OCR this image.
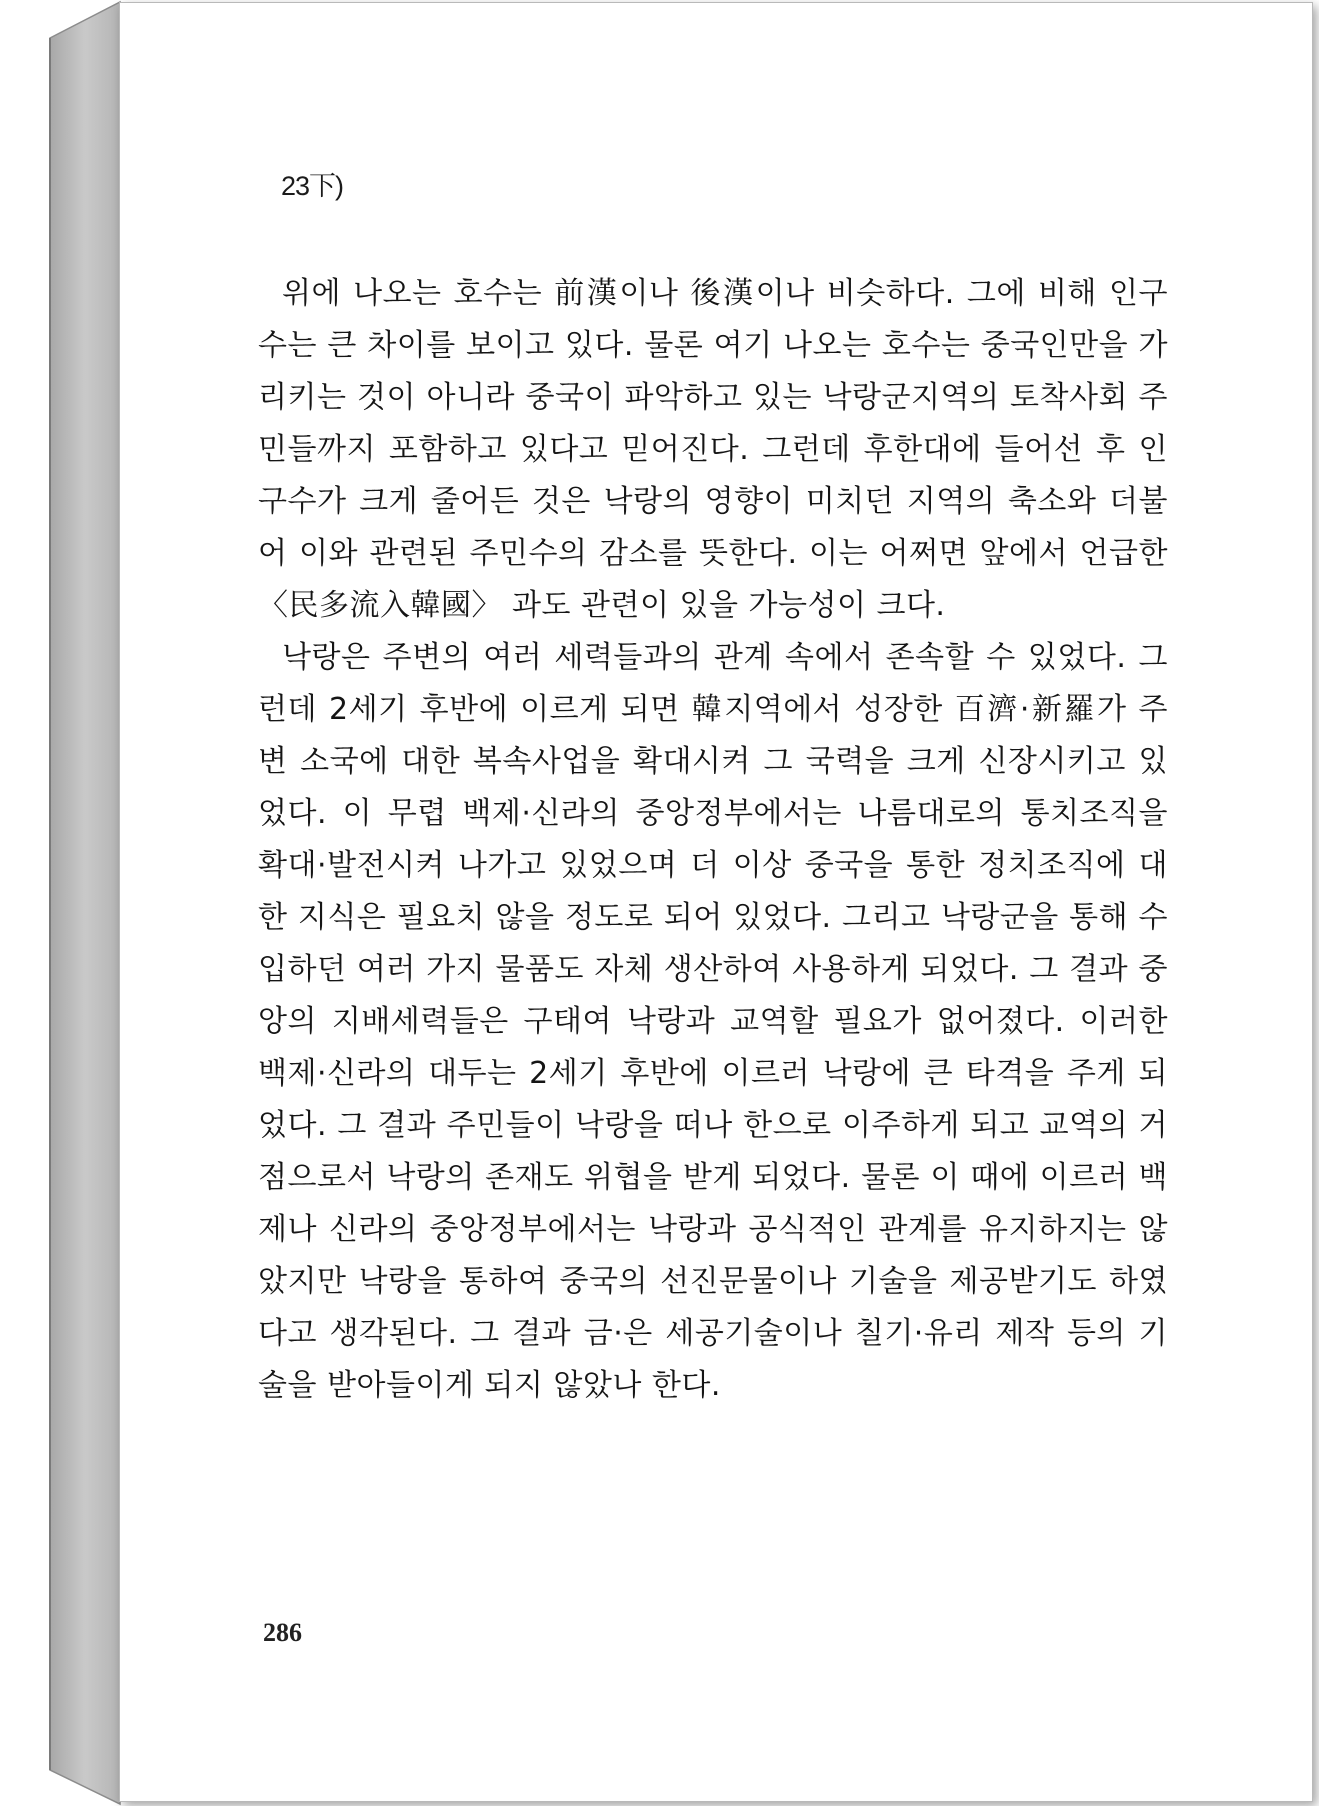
23下)

위에 나오는 호수는 前漢이나 後漢이나 비슷하다. 그에 비해 인구수는 큰 차이를 보이고 있다. 물론 여기 나오는 호수는 중국인만을 가리키는 것이 아니라 중국이 파악하고 있는 낙랑군지역의 토착사회 주민들까지 포함하고 있다고 믿어진다. 그런데 후한대에 들어선 후 인구수가 크게 줄어든 것은 낙랑의 영향이 미치던 지역의 축소와 더불어 이와 관련된 주민수의 감소를 뜻한다. 이는 어쩌면 앞에서 언급한 〈民多流入韓國〉 과도 관련이 있을 가능성이 크다.

낙랑은 주변의 여러 세력들과의 관계 속에서 존속할 수 있었다. 그런데 2세기 후반에 이르게 되면 韓지역에서 성장한 百濟·新羅가 주변 소국에 대한 복속사업을 확대시켜 그 국력을 크게 신장시키고 있었다. 이 무렵 백제·신라의 중앙정부에서는 나름대로의 통치조직을 확대·발전시켜 나가고 있었으며 더 이상 중국을 통한 정치조직에 대한 지식은 필요치 않을 정도로 되어 있었다. 그리고 낙랑군을 통해 수입하던 여러 가지 물품도 자체 생산하여 사용하게 되었다. 그 결과 중앙의 지배세력들은 구태여 낙랑과 교역할 필요가 없어졌다. 이러한 백제·신라의 대두는 2세기 후반에 이르러 낙랑에 큰 타격을 주게 되었다. 그 결과 주민들이 낙랑을 떠나 한으로 이주하게 되고 교역의 거점으로서 낙랑의 존재도 위협을 받게 되었다. 물론 이 때에 이르러 백제나 신라의 중앙정부에서는 낙랑과 공식적인 관계를 유지하지는 않았지만 낙랑을 통하여 중국의 선진문물이나 기술을 제공받기도 하였다고 생각된다. 그 결과 금·은 세공기술이나 칠기·유리 제작 등의 기술을 받아들이게 되지 않았나 한다.

286
